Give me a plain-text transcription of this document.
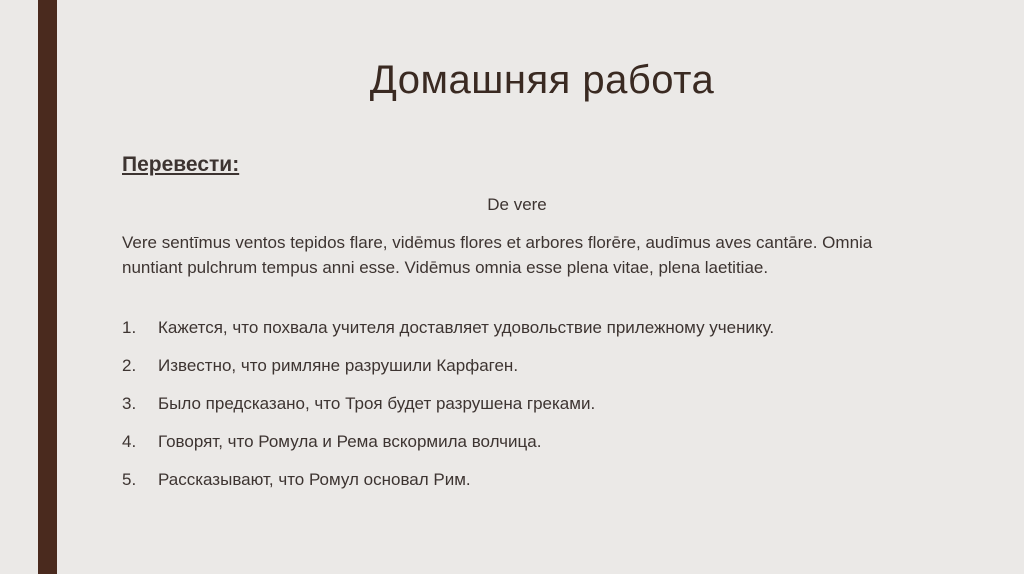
Домашняя работа

Перевести:

De vere
Vere sentīmus ventos tepidos flare, vidēmus flores et arbores florēre, audīmus aves cantāre. Omnia nuntiant pulchrum tempus anni esse. Vidēmus omnia esse plena vitae, plena laetitiae.
1.	Кажется, что похвала учителя доставляет удовольствие прилежному ученику.
2.	Известно, что римляне разрушили Карфаген.
3.	Было предсказано, что Троя будет разрушена греками.
4.	Говорят, что Ромула и Рема вскормила волчица.
5.	Рассказывают, что Ромул основал Рим.
